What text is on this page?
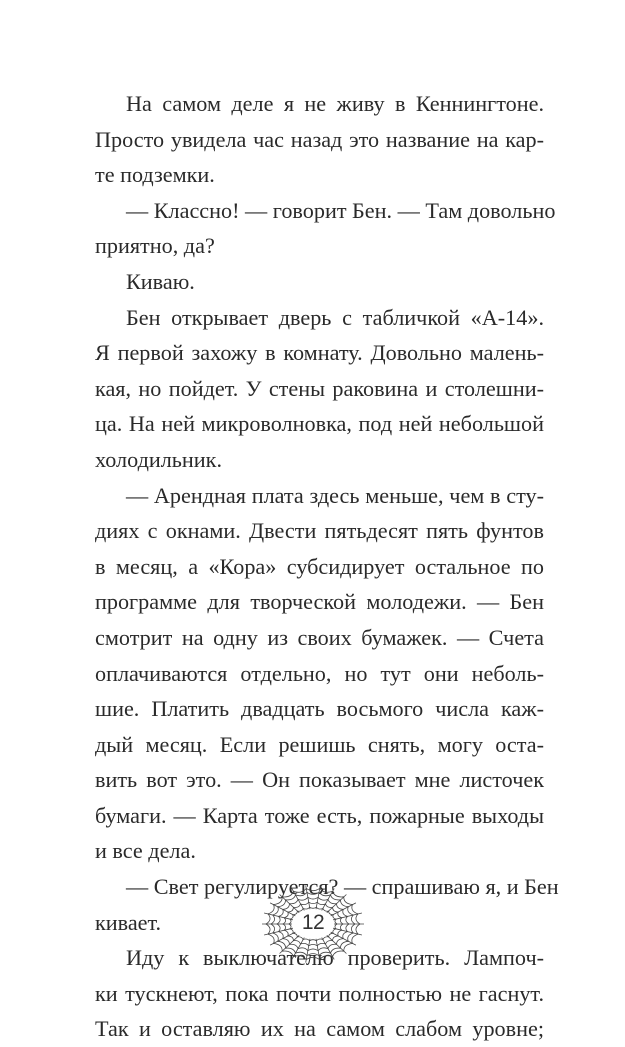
На самом деле я не живу в Кеннингтоне.
Просто увидела час назад это название на кар-
те подземки.
— Классно! — говорит Бен. — Там довольно
приятно, да?
Киваю.
Бен открывает дверь с табличкой «А-14».
Я первой захожу в комнату. Довольно малень-
кая, но пойдет. У стены раковина и столешни-
ца. На ней микроволновка, под ней небольшой
холодильник.
— Арендная плата здесь меньше, чем в сту-
диях с окнами. Двести пятьдесят пять фунтов
в месяц, а «Кора» субсидирует остальное по
программе для творческой молодежи. — Бен
смотрит на одну из своих бумажек. — Счета
оплачиваются отдельно, но тут они неболь-
шие. Платить двадцать восьмого числа каж-
дый месяц. Если решишь снять, могу оста-
вить вот это. — Он показывает мне листочек
бумаги. — Карта тоже есть, пожарные выходы
и все дела.
— Свет регулируется? — спрашиваю я, и Бен
кивает.
Иду к выключателю проверить. Лампоч-
ки тускнеют, пока почти полностью не гаснут.
Так и оставляю их на самом слабом уровне;
12
